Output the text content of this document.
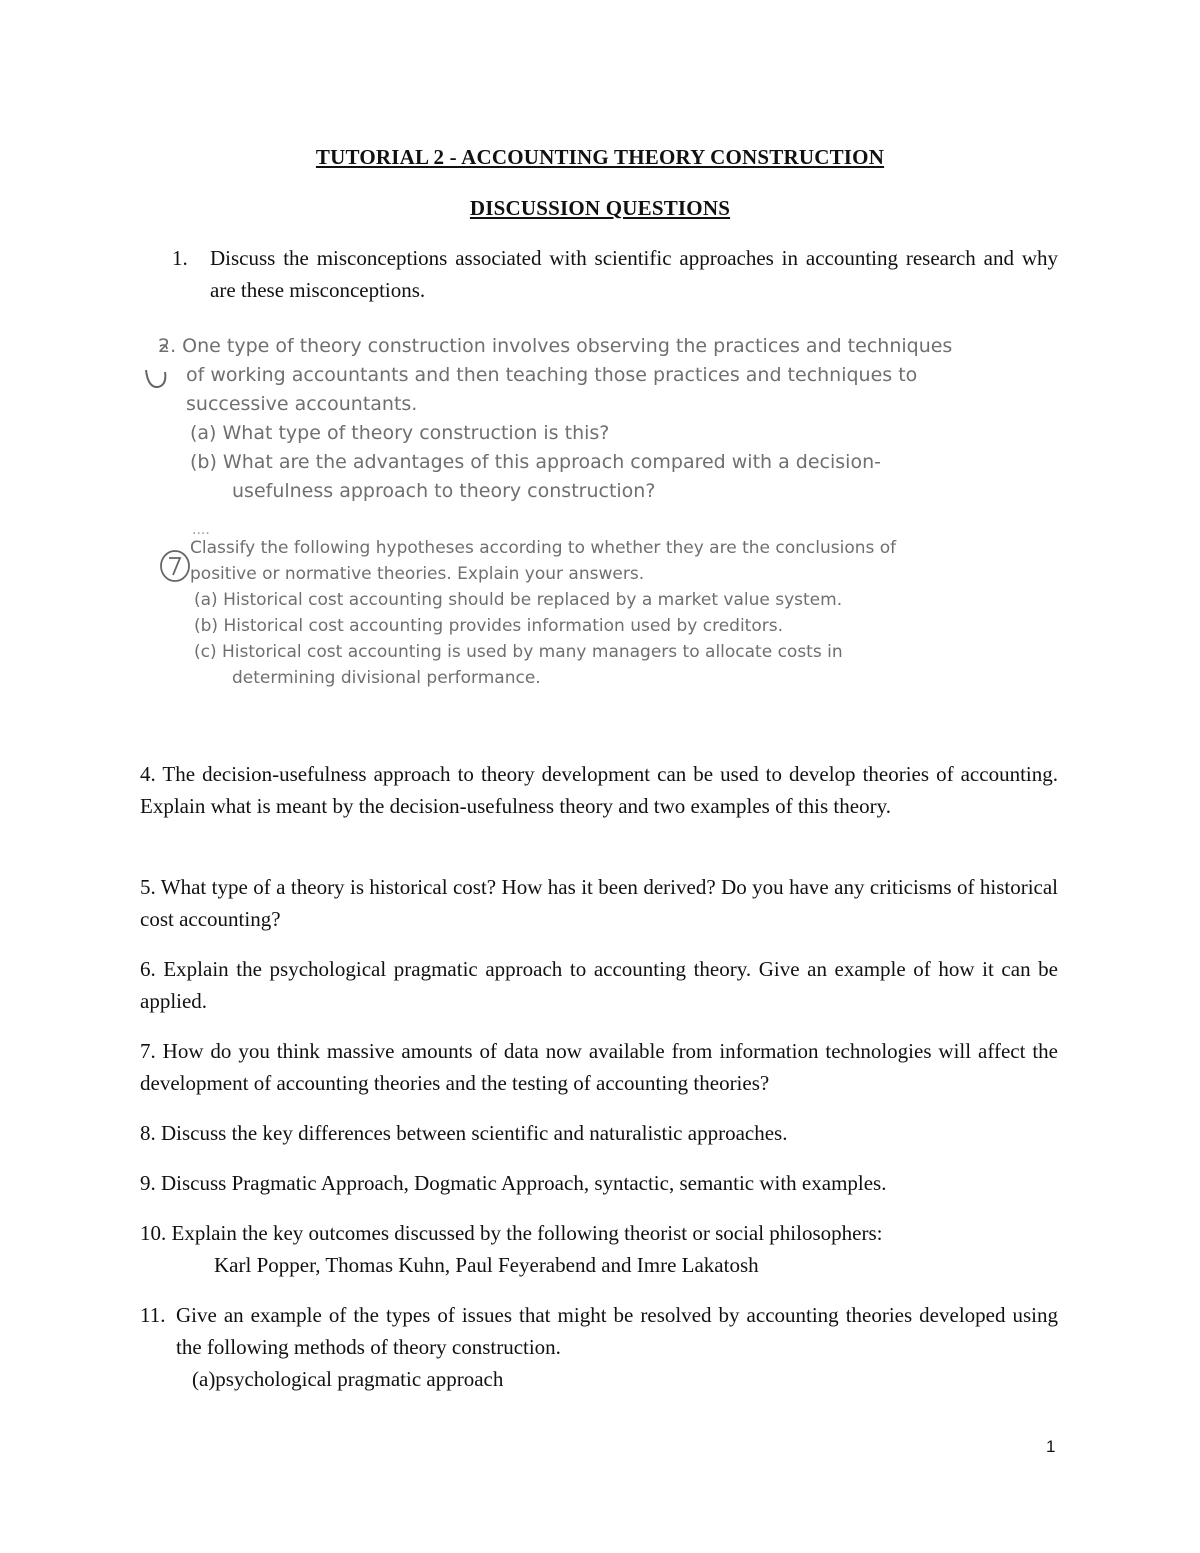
TUTORIAL 2 - ACCOUNTING THEORY CONSTRUCTION
DISCUSSION QUESTIONS
1. Discuss the misconceptions associated with scientific approaches in accounting research and why are these misconceptions.
2. One type of theory construction involves observing the practices and techniques
of working accountants and then teaching those practices and techniques to
successive accountants.
(a) What type of theory construction is this?
(b) What are the advantages of this approach compared with a decision-
usefulness approach to theory construction?
....
Classify the following hypotheses according to whether they are the conclusions of
positive or normative theories. Explain your answers.
(a) Historical cost accounting should be replaced by a market value system.
(b) Historical cost accounting provides information used by creditors.
(c) Historical cost accounting is used by many managers to allocate costs in
determining divisional performance.

4. The decision-usefulness approach to theory development can be used to develop theories of accounting. Explain what is meant by the decision-usefulness theory and two examples of this theory.

5. What type of a theory is historical cost? How has it been derived? Do you have any criticisms of historical cost accounting?

6. Explain the psychological pragmatic approach to accounting theory. Give an example of how it can be applied.

7. How do you think massive amounts of data now available from information technologies will affect the development of accounting theories and the testing of accounting theories?

8. Discuss the key differences between scientific and naturalistic approaches.

9. Discuss Pragmatic Approach, Dogmatic Approach, syntactic, semantic with examples.

10. Explain the key outcomes discussed by the following theorist or social philosophers:
Karl Popper, Thomas Kuhn, Paul Feyerabend and Imre Lakatosh
11. Give an example of the types of issues that might be resolved by accounting theories developed using the following methods of theory construction.
(a)psychological pragmatic approach
1
